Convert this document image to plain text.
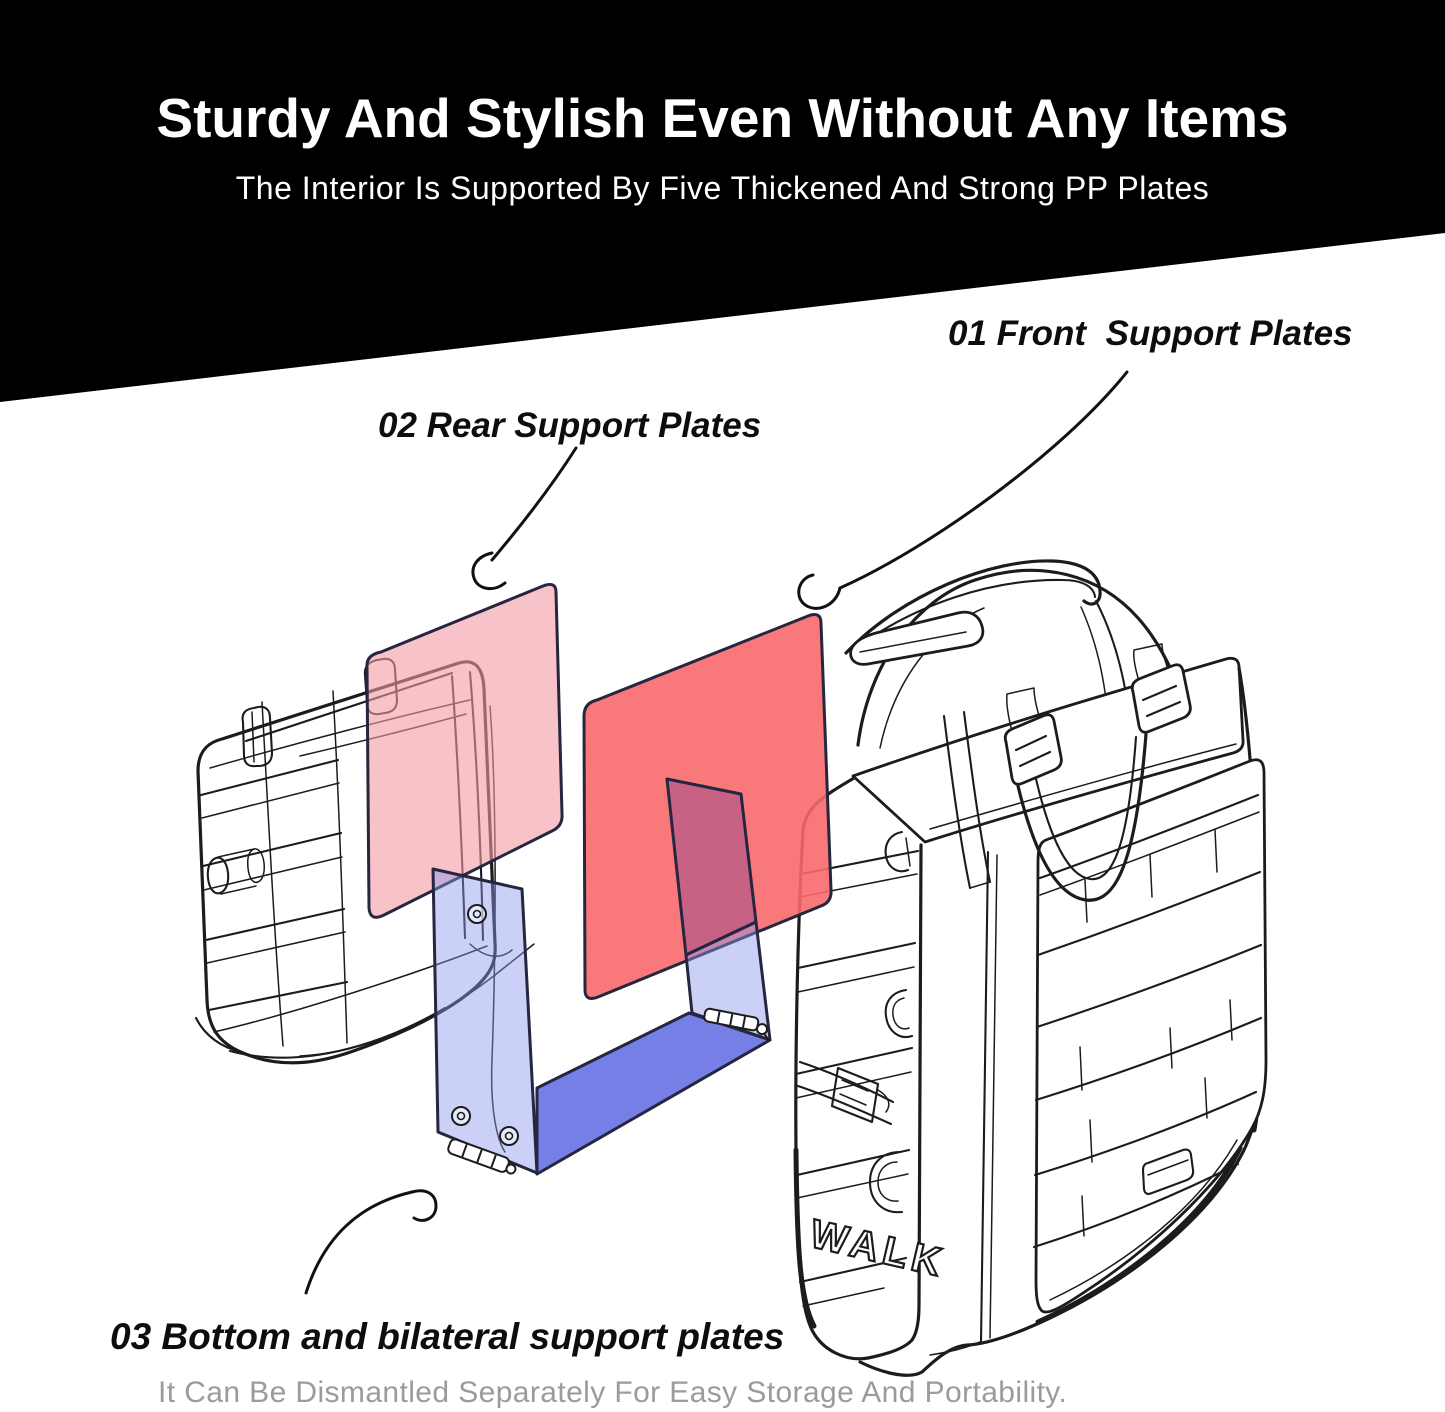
Sturdy And Stylish Even Without Any Items
The Interior Is Supported By Five Thickened And Strong PP Plates
WALK
01 Front  Support Plates
02 Rear Support Plates
03 Bottom and bilateral support plates
It Can Be Dismantled Separately For Easy Storage And Portability.
